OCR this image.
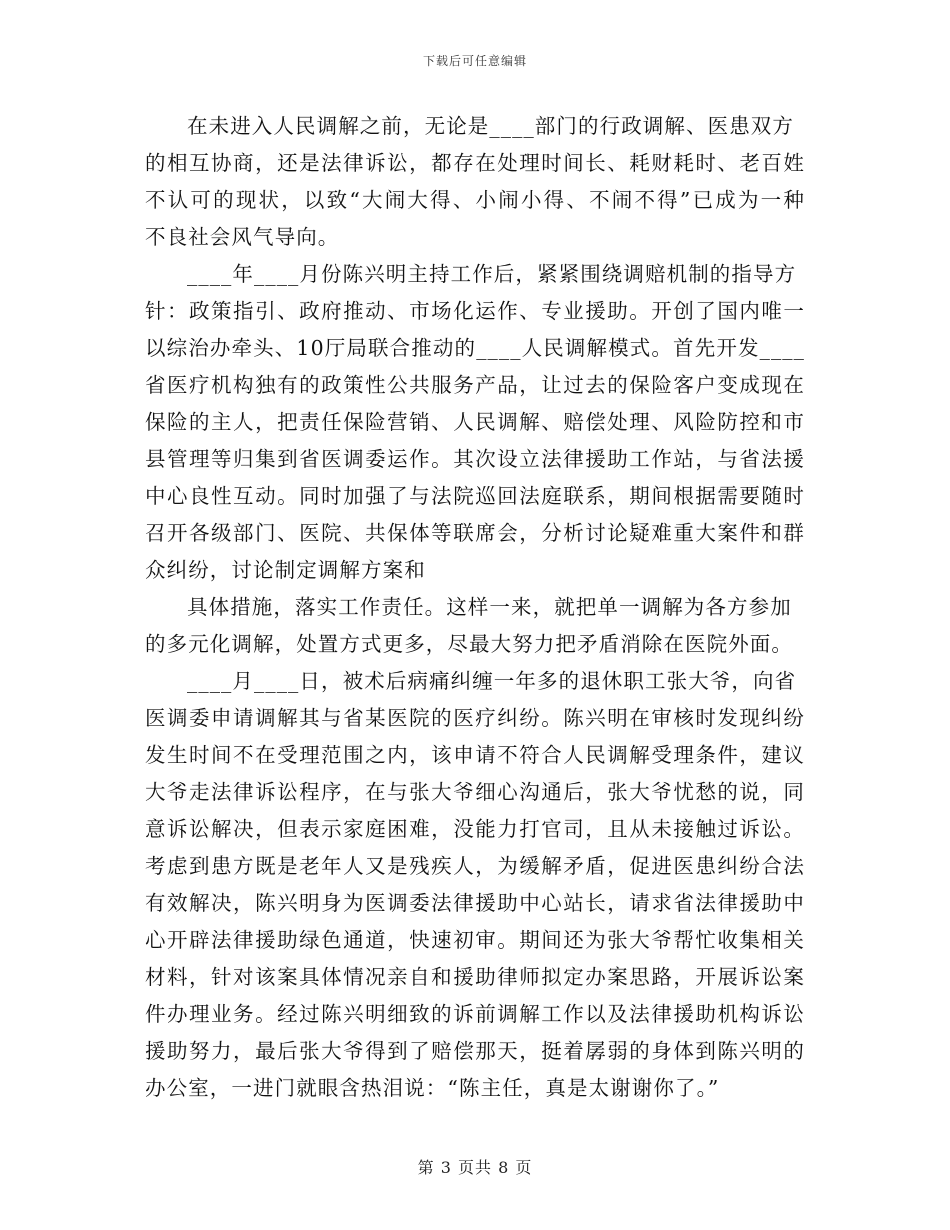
下载后可任意编辑
在未进入人民调解之前，无论是____部门的行政调解、医患双方
的相互协商，还是法律诉讼，都存在处理时间长、耗财耗时、老百姓
不认可的现状，以致“大闹大得、小闹小得、不闹不得”已成为一种
不良社会风气导向。
____年____月份陈兴明主持工作后，紧紧围绕调赔机制的指导方
针：政策指引、政府推动、市场化运作、专业援助。开创了国内唯一
以综治办牵头、10厅局联合推动的____人民调解模式。首先开发____
省医疗机构独有的政策性公共服务产品，让过去的保险客户变成现在
保险的主人，把责任保险营销、人民调解、赔偿处理、风险防控和市
县管理等归集到省医调委运作。其次设立法律援助工作站，与省法援
中心良性互动。同时加强了与法院巡回法庭联系，期间根据需要随时
召开各级部门、医院、共保体等联席会，分析讨论疑难重大案件和群
众纠纷，讨论制定调解方案和
具体措施，落实工作责任。这样一来，就把单一调解为各方参加
的多元化调解，处置方式更多，尽最大努力把矛盾消除在医院外面。
____月____日，被术后病痛纠缠一年多的退休职工张大爷，向省
医调委申请调解其与省某医院的医疗纠纷。陈兴明在审核时发现纠纷
发生时间不在受理范围之内，该申请不符合人民调解受理条件，建议
大爷走法律诉讼程序，在与张大爷细心沟通后，张大爷忧愁的说，同
意诉讼解决，但表示家庭困难，没能力打官司，且从未接触过诉讼。
考虑到患方既是老年人又是残疾人，为缓解矛盾，促进医患纠纷合法
有效解决，陈兴明身为医调委法律援助中心站长，请求省法律援助中
心开辟法律援助绿色通道，快速初审。期间还为张大爷帮忙收集相关
材料，针对该案具体情况亲自和援助律师拟定办案思路，开展诉讼案
件办理业务。经过陈兴明细致的诉前调解工作以及法律援助机构诉讼
援助努力，最后张大爷得到了赔偿那天，挺着孱弱的身体到陈兴明的
办公室，一进门就眼含热泪说：“陈主任，真是太谢谢你了。”
第 3 页共 8 页
